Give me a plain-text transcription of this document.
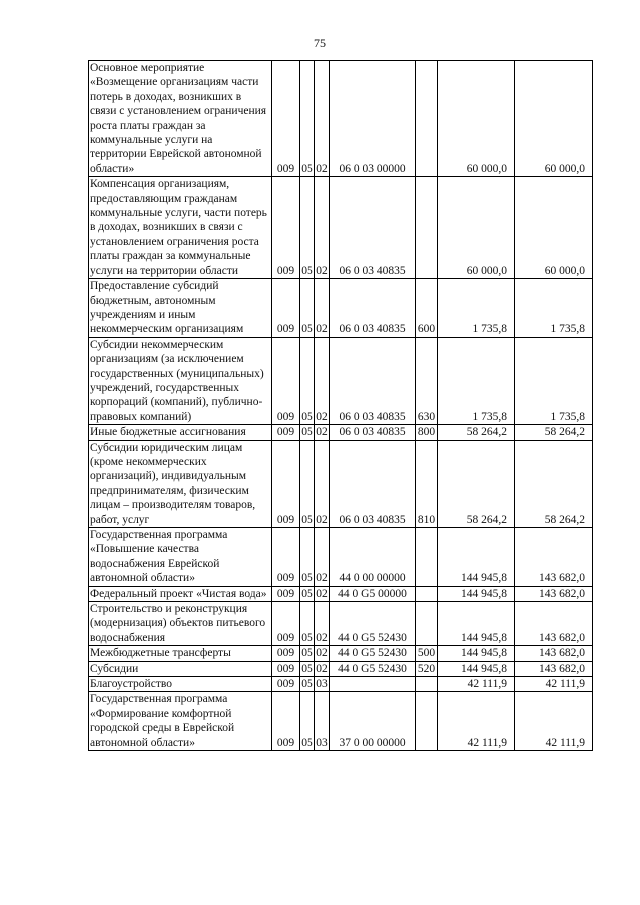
75
Основное мероприятие «Возмещение организациям части потерь в доходах, возникших в связи с установлением ограничения роста платы граждан за коммунальные услуги на территории Еврейской автономной области»	009	05	02	06 0 03 00000		60 000,0	60 000,0
Компенсация организациям, предоставляющим гражданам коммунальные услуги, части потерь в доходах, возникших в связи с установлением ограничения роста платы граждан за коммунальные услуги на территории области	009	05	02	06 0 03 40835		60 000,0	60 000,0
Предоставление субсидий бюджетным, автономным учреждениям и иным некоммерческим организациям	009	05	02	06 0 03 40835	600	1 735,8	1 735,8
Субсидии некоммерческим организациям (за исключением государственных (муниципальных) учреждений, государственных корпораций (компаний), публично-правовых компаний)	009	05	02	06 0 03 40835	630	1 735,8	1 735,8
Иные бюджетные ассигнования	009	05	02	06 0 03 40835	800	58 264,2	58 264,2
Субсидии юридическим лицам (кроме некоммерческих организаций), индивидуальным предпринимателям, физическим лицам – производителям товаров, работ, услуг	009	05	02	06 0 03 40835	810	58 264,2	58 264,2
Государственная программа «Повышение качества водоснабжения Еврейской автономной области»	009	05	02	44 0 00 00000		144 945,8	143 682,0
Федеральный проект «Чистая вода»	009	05	02	44 0 G5 00000		144 945,8	143 682,0
Строительство и реконструкция (модернизация) объектов питьевого водоснабжения	009	05	02	44 0 G5 52430		144 945,8	143 682,0
Межбюджетные трансферты	009	05	02	44 0 G5 52430	500	144 945,8	143 682,0
Субсидии	009	05	02	44 0 G5 52430	520	144 945,8	143 682,0
Благоустройство	009	05	03			42 111,9	42 111,9
Государственная программа «Формирование комфортной городской среды в Еврейской автономной области»	009	05	03	37 0 00 00000		42 111,9	42 111,9
